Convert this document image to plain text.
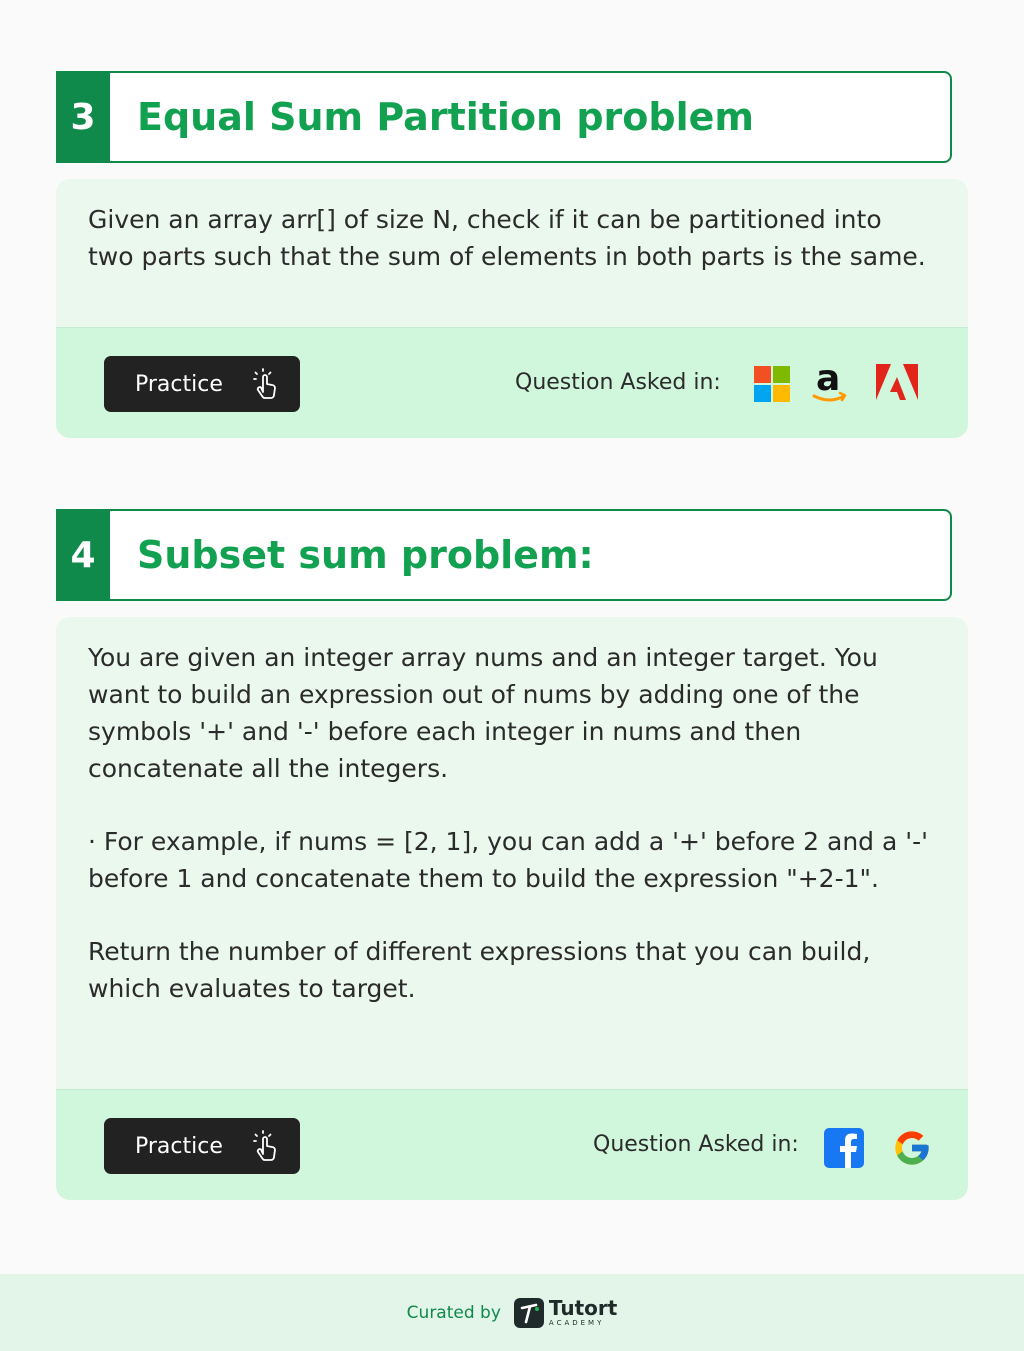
3	Equal Sum Partition problem

Given an array arr[] of size N, check if it can be partitioned into two parts such that the sum of elements in both parts is the same.

Practice	Question Asked in:	a
4	Subset sum problem:

You are given an integer array nums and an integer target. You want to build an expression out of nums by adding one of the symbols '+' and '-' before each integer in nums and then concatenate all the integers.

· For example, if nums = [2, 1], you can add a '+' before 2 and a '-' before 1 and concatenate them to build the expression "+2-1".

Return the number of different expressions that you can build, which evaluates to target.

Practice	Question Asked in:
Curated by Tutort
ACADEMY
